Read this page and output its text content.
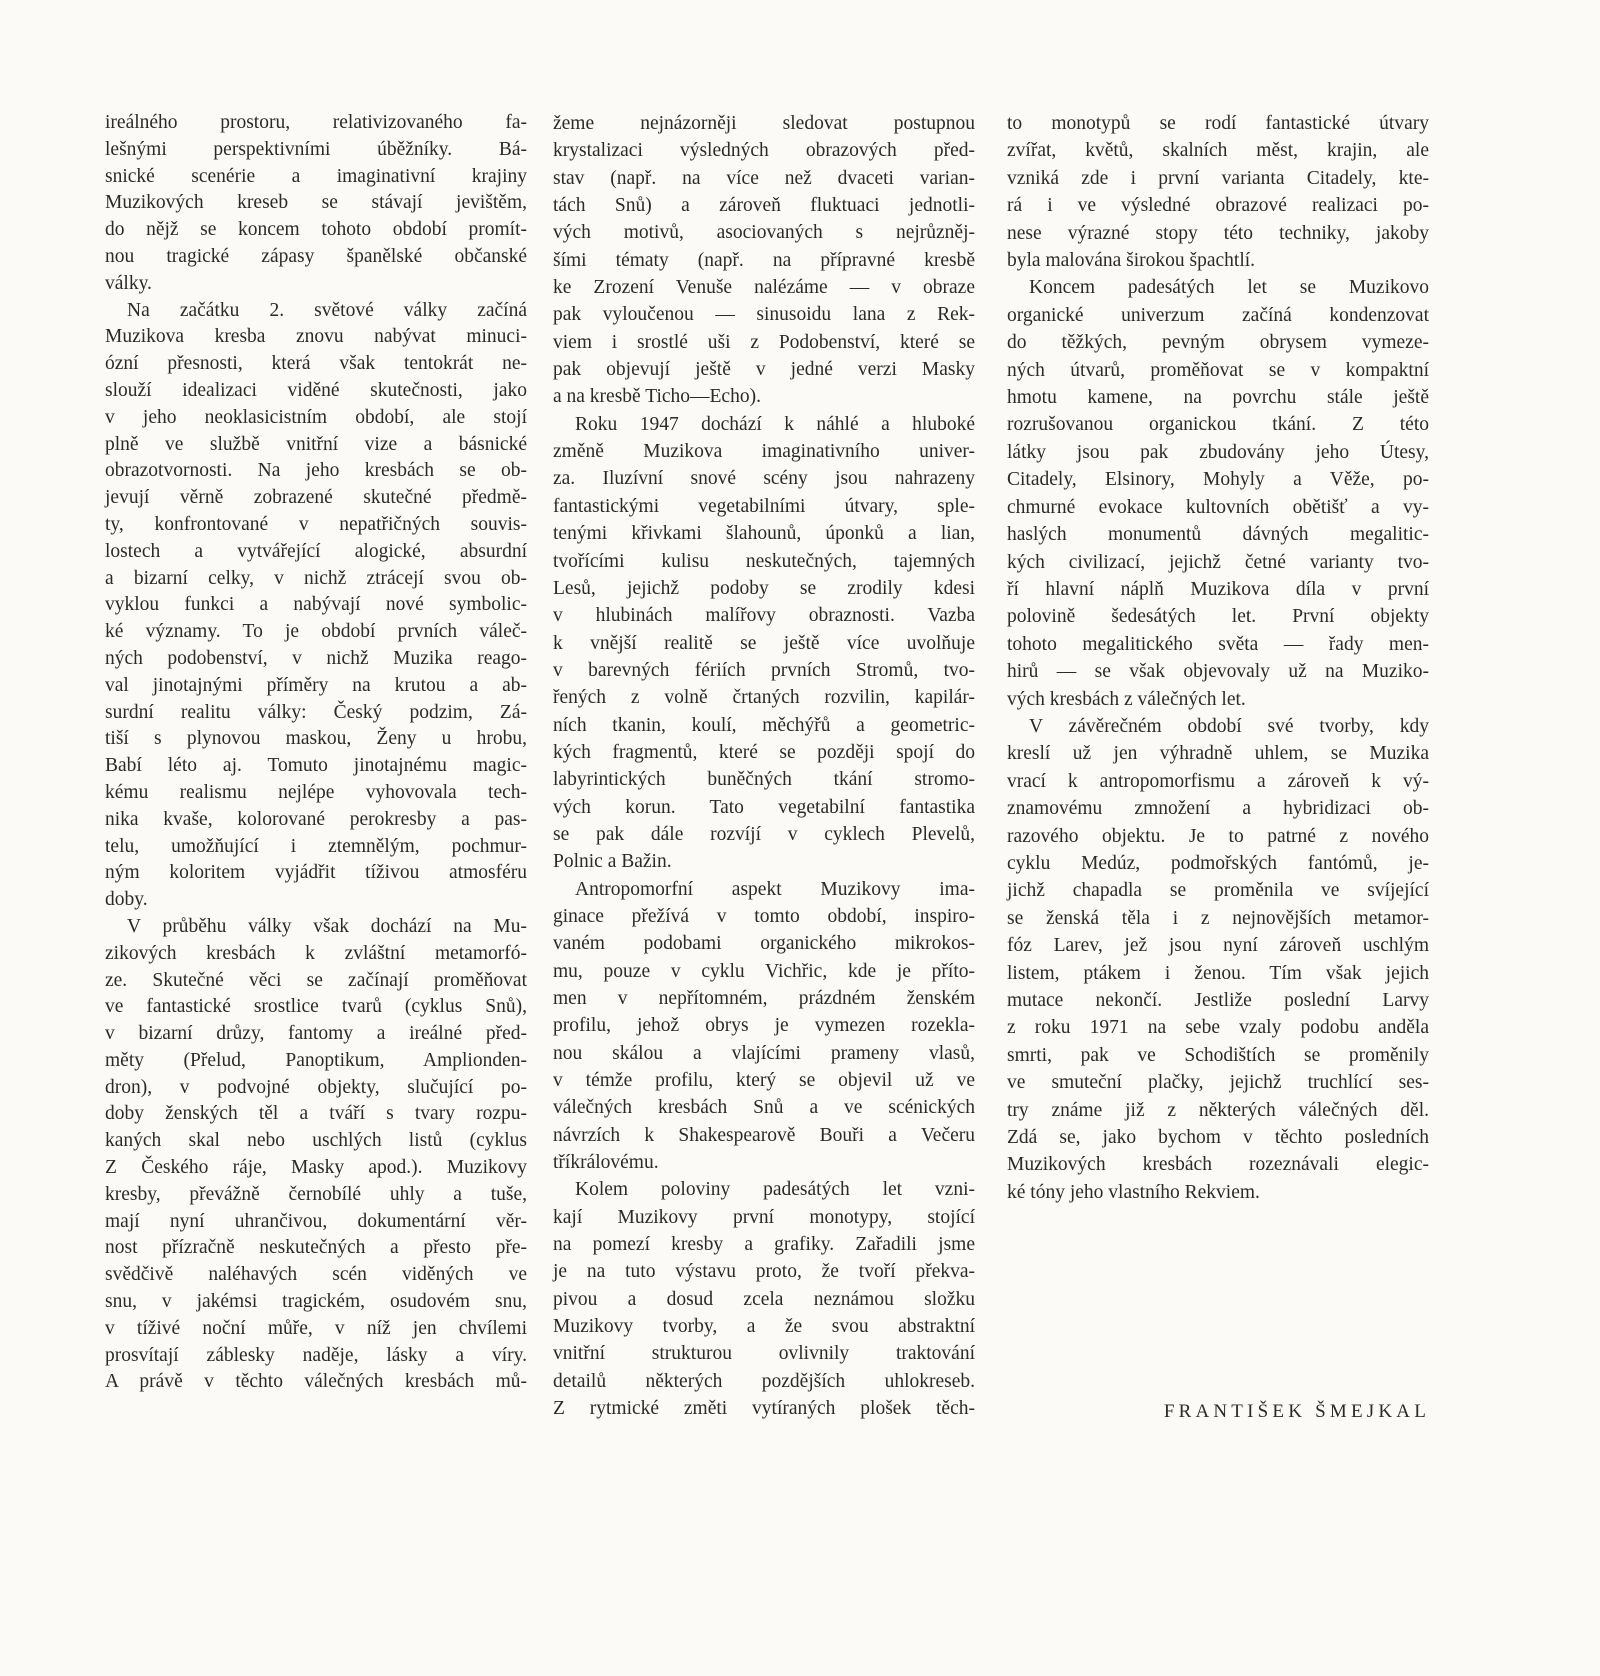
ireálného prostoru, relativizovaného fa-
lešnými perspektivními úběžníky. Bá-
snické scenérie a imaginativní krajiny
Muzikových kreseb se stávají jevištěm,
do nějž se koncem tohoto období promít-
nou tragické zápasy španělské občanské
války.
Na začátku 2. světové války začíná
Muzikova kresba znovu nabývat minuci-
ózní přesnosti, která však tentokrát ne-
slouží idealizaci viděné skutečnosti, jako
v jeho neoklasicistním období, ale stojí
plně ve službě vnitřní vize a básnické
obrazotvornosti. Na jeho kresbách se ob-
jevují věrně zobrazené skutečné předmě-
ty, konfrontované v nepatřičných souvis-
lostech a vytvářející alogické, absurdní
a bizarní celky, v nichž ztrácejí svou ob-
vyklou funkci a nabývají nové symbolic-
ké významy. To je období prvních váleč-
ných podobenství, v nichž Muzika reago-
val jinotajnými příměry na krutou a ab-
surdní realitu války: Český podzim, Zá-
tiší s plynovou maskou, Ženy u hrobu,
Babí léto aj. Tomuto jinotajnému magic-
kému realismu nejlépe vyhovovala tech-
nika kvaše, kolorované perokresby a pas-
telu, umožňující i ztemnělým, pochmur-
ným koloritem vyjádřit tíživou atmosféru
doby.
V průběhu války však dochází na Mu-
zikových kresbách k zvláštní metamorfó-
ze. Skutečné věci se začínají proměňovat
ve fantastické srostlice tvarů (cyklus Snů),
v bizarní drůzy, fantomy a ireálné před-
měty (Přelud, Panoptikum, Amplionden-
dron), v podvojné objekty, slučující po-
doby ženských těl a tváří s tvary rozpu-
kaných skal nebo uschlých listů (cyklus
Z Českého ráje, Masky apod.). Muzikovy
kresby, převážně černobílé uhly a tuše,
mají nyní uhrančivou, dokumentární věr-
nost přízračně neskutečných a přesto pře-
svědčivě naléhavých scén viděných ve
snu, v jakémsi tragickém, osudovém snu,
v tíživé noční můře, v níž jen chvílemi
prosvítají záblesky naděje, lásky a víry.
A právě v těchto válečných kresbách mů-
žeme nejnázorněji sledovat postupnou
krystalizaci výsledných obrazových před-
stav (např. na více než dvaceti varian-
tách Snů) a zároveň fluktuaci jednotli-
vých motivů, asociovaných s nejrůzněj-
šími tématy (např. na přípravné kresbě
ke Zrození Venuše nalézáme — v obraze
pak vyloučenou — sinusoidu lana z Rek-
viem i srostlé uši z Podobenství, které se
pak objevují ještě v jedné verzi Masky
a na kresbě Ticho—Echo).
Roku 1947 dochází k náhlé a hluboké
změně Muzikova imaginativního univer-
za. Iluzívní snové scény jsou nahrazeny
fantastickými vegetabilními útvary, sple-
tenými křivkami šlahounů, úponků a lian,
tvořícími kulisu neskutečných, tajemných
Lesů, jejichž podoby se zrodily kdesi
v hlubinách malířovy obraznosti. Vazba
k vnější realitě se ještě více uvolňuje
v barevných fériích prvních Stromů, tvo-
řených z volně črtaných rozvilin, kapilár-
ních tkanin, koulí, měchýřů a geometric-
kých fragmentů, které se později spojí do
labyrintických buněčných tkání stromo-
vých korun. Tato vegetabilní fantastika
se pak dále rozvíjí v cyklech Plevelů,
Polnic a Bažin.
Antropomorfní aspekt Muzikovy ima-
ginace přežívá v tomto období, inspiro-
vaném podobami organického mikrokos-
mu, pouze v cyklu Vichřic, kde je příto-
men v nepřítomném, prázdném ženském
profilu, jehož obrys je vymezen rozekla-
nou skálou a vlajícími prameny vlasů,
v témže profilu, který se objevil už ve
válečných kresbách Snů a ve scénických
návrzích k Shakespearově Bouři a Večeru
tříkrálovému.
Kolem poloviny padesátých let vzni-
kají Muzikovy první monotypy, stojící
na pomezí kresby a grafiky. Zařadili jsme
je na tuto výstavu proto, že tvoří překva-
pivou a dosud zcela neznámou složku
Muzikovy tvorby, a že svou abstraktní
vnitřní strukturou ovlivnily traktování
detailů některých pozdějších uhlokreseb.
Z rytmické změti vytíraných plošek těch-
to monotypů se rodí fantastické útvary
zvířat, květů, skalních měst, krajin, ale
vzniká zde i první varianta Citadely, kte-
rá i ve výsledné obrazové realizaci po-
nese výrazné stopy této techniky, jakoby
byla malována širokou špachtlí.
Koncem padesátých let se Muzikovo
organické univerzum začíná kondenzovat
do těžkých, pevným obrysem vymeze-
ných útvarů, proměňovat se v kompaktní
hmotu kamene, na povrchu stále ještě
rozrušovanou organickou tkání. Z této
látky jsou pak zbudovány jeho Útesy,
Citadely, Elsinory, Mohyly a Věže, po-
chmurné evokace kultovních obětišť a vy-
haslých monumentů dávných megalitic-
kých civilizací, jejichž četné varianty tvo-
ří hlavní náplň Muzikova díla v první
polovině šedesátých let. První objekty
tohoto megalitického světa — řady men-
hirů — se však objevovaly už na Muziko-
vých kresbách z válečných let.
V závěrečném období své tvorby, kdy
kreslí už jen výhradně uhlem, se Muzika
vrací k antropomorfismu a zároveň k vý-
znamovému zmnožení a hybridizaci ob-
razového objektu. Je to patrné z nového
cyklu Medúz, podmořských fantómů, je-
jichž chapadla se proměnila ve svíjející
se ženská těla i z nejnovějších metamor-
fóz Larev, jež jsou nyní zároveň uschlým
listem, ptákem i ženou. Tím však jejich
mutace nekončí. Jestliže poslední Larvy
z roku 1971 na sebe vzaly podobu anděla
smrti, pak ve Schodištích se proměnily
ve smuteční plačky, jejichž truchlící ses-
try známe již z některých válečných děl.
Zdá se, jako bychom v těchto posledních
Muzikových kresbách rozeznávali elegic-
ké tóny jeho vlastního Rekviem.
FRANTIŠEK ŠMEJKAL
